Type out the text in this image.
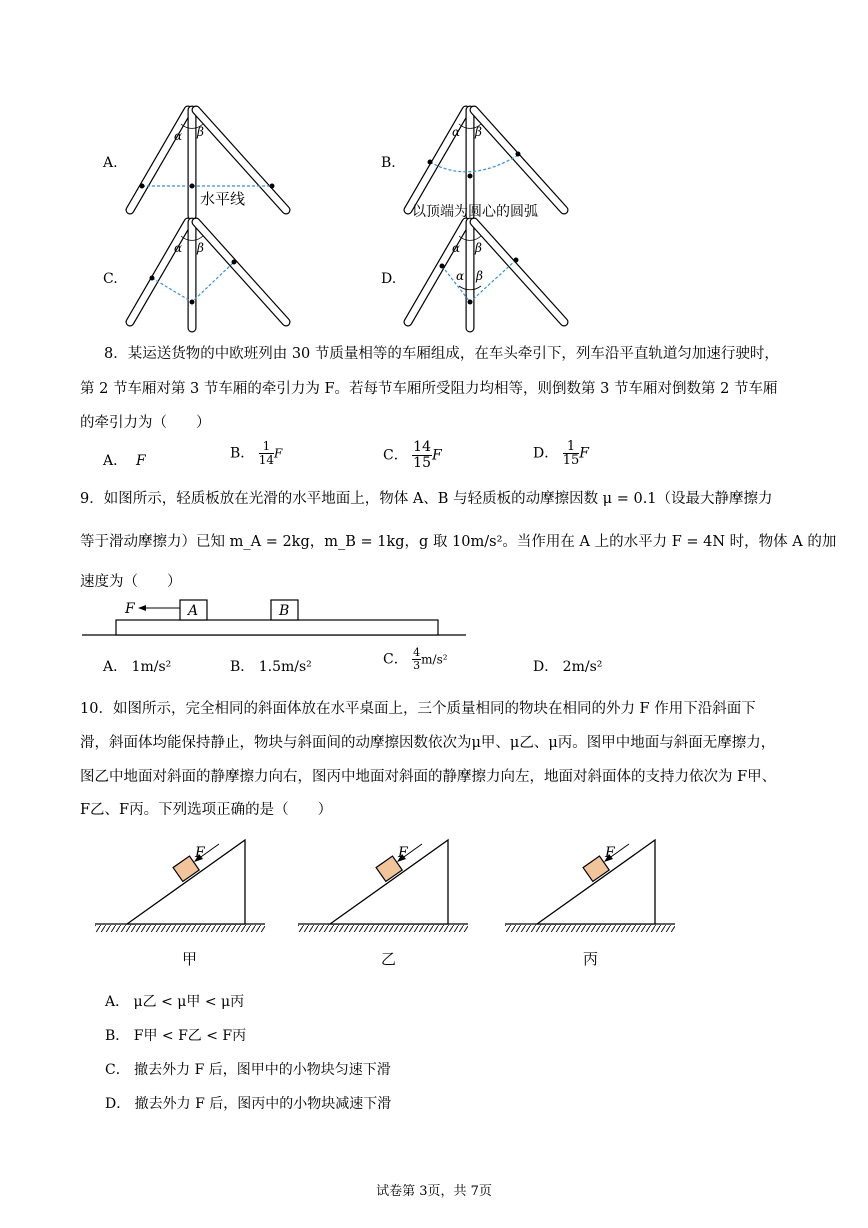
A.	B.
C.	D.
α β
水平线
α β
以顶端为圆心的圆弧
α β	α β
α β
8．某运送货物的中欧班列由 30 节质量相等的车厢组成，在车头牵引下，列车沿平直轨道匀加速行驶时，
第 2 节车厢对第 3 节车厢的牵引力为 F。若每节车厢所受阻力均相等，则倒数第 3 节车厢对倒数第 2 节车厢
的牵引力为（　　）
A． F	B． $\frac{1}{14}$ F	C． $\frac{14}{15}$ F	D． $\frac{1}{15}$ F
9．如图所示，轻质板放在光滑的水平地面上，物体 A、B 与轻质板的动摩擦因数 μ = 0.1（设最大静摩擦力
等于滑动摩擦力）已知 m_A = 2kg，m_B = 1kg，g 取 10m/s²。当作用在 A 上的水平力 F = 4N 时，物体 A 的加
速度为（　　）
F	A	B
A． 1m/s²	B． 1.5m/s²	C． $\frac{4}{3} m/s^2$	D． 2m/s²
10．如图所示，完全相同的斜面体放在水平桌面上，三个质量相同的物块在相同的外力 F 作用下沿斜面下
滑，斜面体均能保持静止，物块与斜面间的动摩擦因数依次为μ甲、μ乙、μ丙。图甲中地面与斜面无摩擦力，
图乙中地面对斜面的静摩擦力向右，图丙中地面对斜面的静摩擦力向左，地面对斜面体的支持力依次为 F甲、
F乙、F丙。下列选项正确的是（　　）
F	F	F
甲	乙	丙
A． μ乙 < μ甲 < μ丙
B． F甲 < F乙 < F丙
C． 撤去外力 F 后，图甲中的小物块匀速下滑
D． 撤去外力 F 后，图丙中的小物块减速下滑
试卷第 3页，共 7页
